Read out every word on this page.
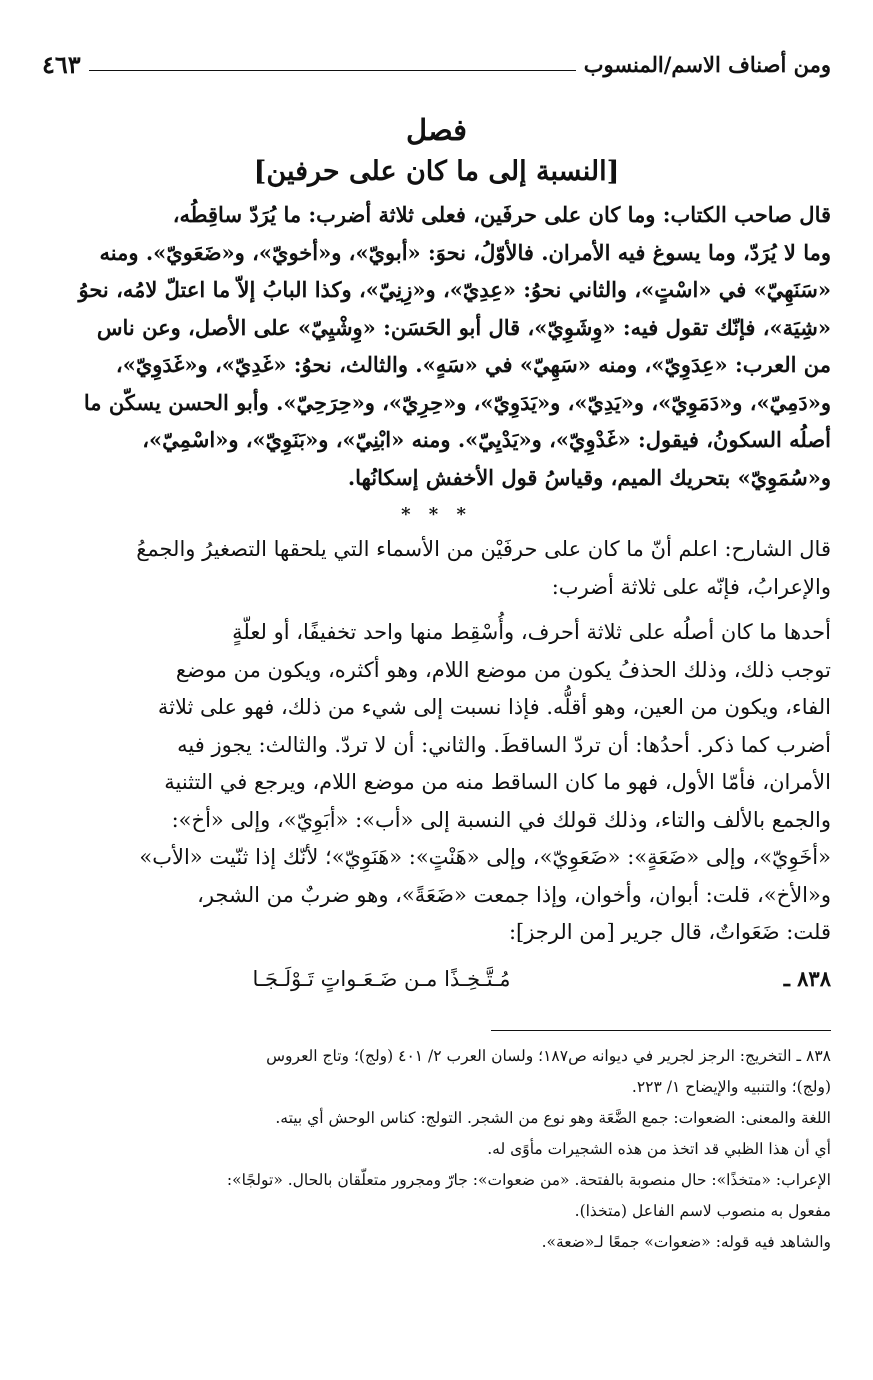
ومن أصناف الاسم/المنسوب
٤٦٣
فصل
[النسبة إلى ما كان على حرفين]
قال صاحب الكتاب: وما كان على حرفَين، فعلى ثلاثة أضرب: ما يُرَدّ ساقِطُه،
وما لا يُرَدّ، وما يسوغ فيه الأمران. فالأوّلُ، نحوَ: «أبويّ»، و«أخويّ»، و«ضَعَويّ». ومنه
«سَنَهِيّ» في «اسْتٍ»، والثاني نحوُ: «عِدِيّ»، و«زِنِيّ»، وكذا البابُ إلاّ ما اعتلّ لامُه، نحوُ
«شِيَة»، فإنّك تقول فيه: «وِشَوِيّ»، قال أبو الحَسَن: «وِشْيِيّ» على الأصل، وعن ناس
من العرب: «عِدَوِيّ»، ومنه «سَهِيّ» في «سَهٍ». والثالث، نحوُ: «غَدِيّ»، و«غَدَوِيّ»،
و«دَمِيّ»، و«دَمَوِيّ»، و«يَدِيّ»، و«يَدَوِيّ»، و«حِرِيّ»، و«حِرَحِيّ». وأبو الحسن يسكّن ما
أصلُه السكونُ، فيقول: «غَدْوِيّ»، و«يَدْيِيّ». ومنه «ابْنِيّ»، و«بَنَوِيّ»، و«اسْمِيّ»،
و«سُمَوِيّ» بتحريك الميم، وقياسُ قول الأخفش إسكانُها.
* * *
قال الشارح: اعلم أنّ ما كان على حرفَيْن من الأسماء التي يلحقها التصغيرُ والجمعُ
والإعرابُ، فإنّه على ثلاثة أضرب:
أحدها ما كان أصلُه على ثلاثة أحرف، وأُسْقِط منها واحد تخفيفًا، أو لعلّةٍ
توجب ذلك، وذلك الحذفُ يكون من موضع اللام، وهو أكثره، ويكون من موضع
الفاء، ويكون من العين، وهو أقلُّه. فإذا نسبت إلى شيء من ذلك، فهو على ثلاثة
أضرب كما ذكر. أحدُها: أن تردّ الساقطَ. والثاني: أن لا تردّ. والثالث: يجوز فيه
الأمران، فأمّا الأول، فهو ما كان الساقط منه من موضع اللام، ويرجع في التثنية
والجمع بالألف والتاء، وذلك قولك في النسبة إلى «أب»: «أبَوِيّ»، وإلى «أخ»:
«أخَوِيّ»، وإلى «ضَعَةٍ»: «ضَعَوِيّ»، وإلى «هَنْتٍ»: «هَنَوِيّ»؛ لأنّك إذا ثنّيت «الأب»
و«الأخ»، قلت: أبوان، وأخوان، وإذا جمعت «ضَعَةً»، وهو ضربٌ من الشجر،
قلت: ضَعَواتٌ، قال جرير [من الرجز]:
٨٣٨ ـ
مُـتَّـخِـذًا مـن ضَـعَـواتٍ تَـوْلَـجَـا

٨٣٨ ـ التخريج: الرجز لجرير في ديوانه ص١٨٧؛ ولسان العرب ٢/ ٤٠١ (ولج)؛ وتاج العروس

(ولج)؛ والتنبيه والإيضاح ١/ ٢٢٣.

اللغة والمعنى: الضعوات: جمع الضَّعَة وهو نوع من الشجر. التولج: كناس الوحش أي بيته.

أي أن هذا الظبي قد اتخذ من هذه الشجيرات مأوًى له.

الإعراب: «متخذًا»: حال منصوبة بالفتحة. «من ضعوات»: جارّ ومجرور متعلّقان بالحال. «تولجًا»:

مفعول به منصوب لاسم الفاعل (متخذا).

والشاهد فيه قوله: «ضعوات» جمعًا لـ«ضعة».
